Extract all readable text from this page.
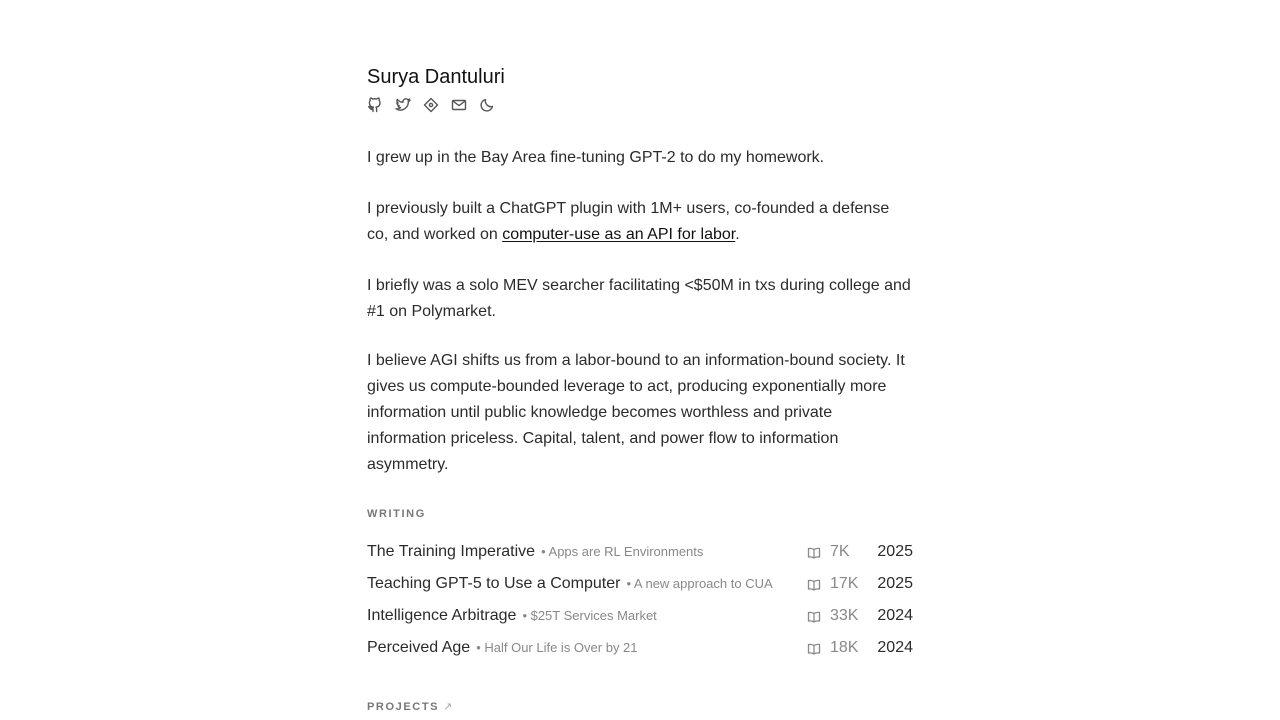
Surya Dantuluri

I grew up in the Bay Area fine-tuning GPT-2 to do my homework.

I previously built a ChatGPT plugin with 1M+ users, co-founded a defense co, and worked on computer-use as an API for labor.

I briefly was a solo MEV searcher facilitating <$50M in txs during college and #1 on Polymarket.

I believe AGI shifts us from a labor-bound to an information-bound society. It gives us compute-bounded leverage to act, producing exponentially more information until public knowledge becomes worthless and private information priceless. Capital, talent, and power flow to information asymmetry.

WRITING
The Training Imperative • Apps are RL Environments	7K 2025
Teaching GPT-5 to Use a Computer • A new approach to CUA	17K 2025
Intelligence Arbitrage • $25T Services Market	33K 2024
Perceived Age • Half Our Life is Over by 21	18K 2024
PROJECTS ↗
